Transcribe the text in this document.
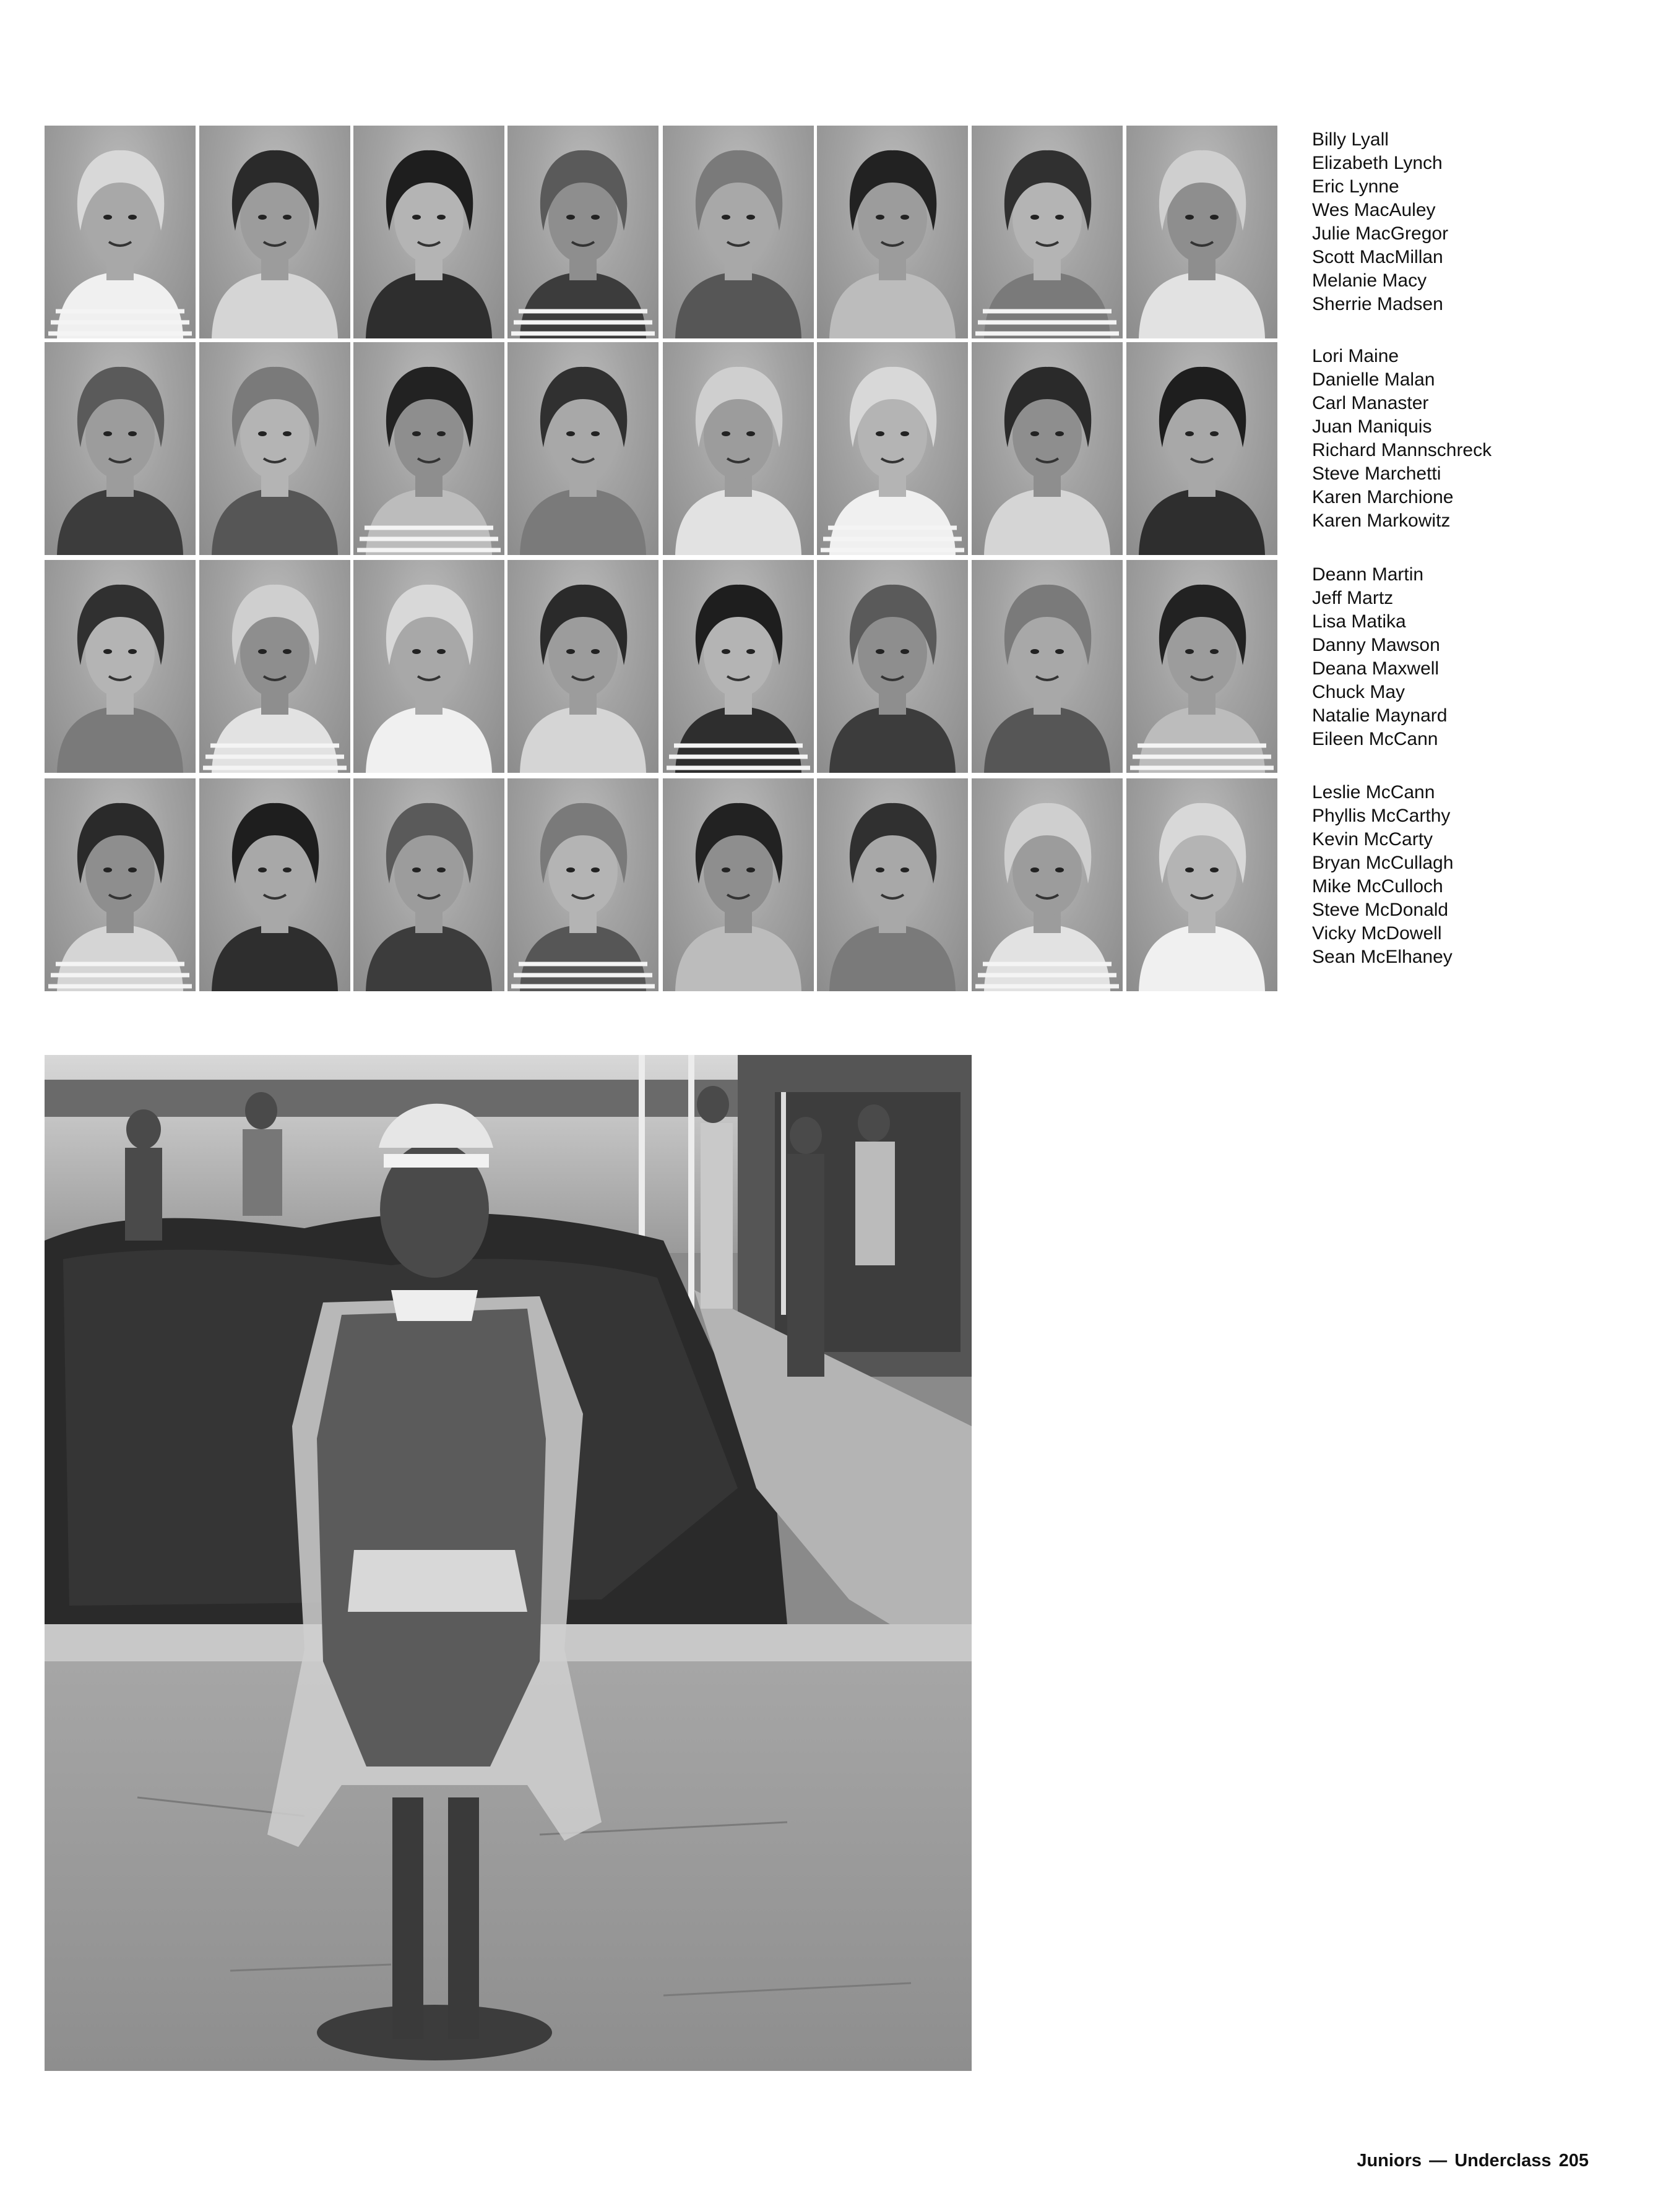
Billy Lyall
Elizabeth Lynch
Eric Lynne
Wes MacAuley
Julie MacGregor
Scott MacMillan
Melanie Macy
Sherrie Madsen
Lori Maine
Danielle Malan
Carl Manaster
Juan Maniquis
Richard Mannschreck
Steve Marchetti
Karen Marchione
Karen Markowitz
Deann Martin
Jeff Martz
Lisa Matika
Danny Mawson
Deana Maxwell
Chuck May
Natalie Maynard
Eileen McCann
Leslie McCann
Phyllis McCarthy
Kevin McCarty
Bryan McCullagh
Mike McCulloch
Steve McDonald
Vicky McDowell
Sean McElhaney
Juniors — Underclass 205
